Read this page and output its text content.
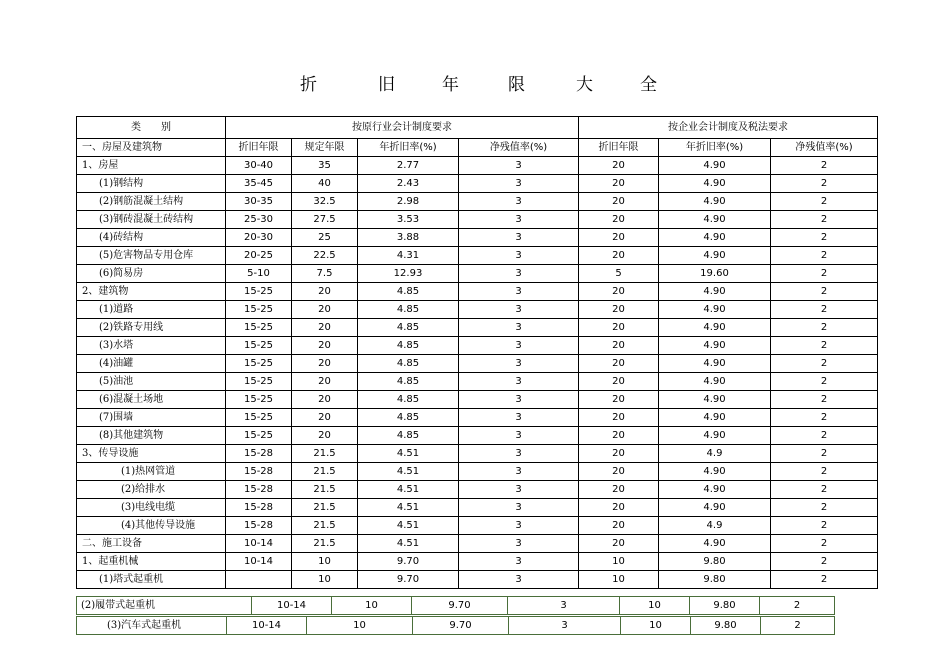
折	旧	年	限	大	全
类　　别	按原行业会计制度要求				按企业会计制度及税法要求		
一、房屋及建筑物	折旧年限	规定年限	年折旧率(%)	净残值率(%)	折旧年限	年折旧率(%)	净残值率(%)
1、房屋	30-40	35	2.77	3	20	4.90	2
(1)钢结构	35-45	40	2.43	3	20	4.90	2
(2)钢筋混凝土结构	30-35	32.5	2.98	3	20	4.90	2
(3)钢砖混凝土砖结构	25-30	27.5	3.53	3	20	4.90	2
(4)砖结构	20-30	25	3.88	3	20	4.90	2
(5)危害物品专用仓库	20-25	22.5	4.31	3	20	4.90	2
(6)简易房	5-10	7.5	12.93	3	5	19.60	2
2、建筑物	15-25	20	4.85	3	20	4.90	2
(1)道路	15-25	20	4.85	3	20	4.90	2
(2)铁路专用线	15-25	20	4.85	3	20	4.90	2
(3)水塔	15-25	20	4.85	3	20	4.90	2
(4)油罐	15-25	20	4.85	3	20	4.90	2
(5)油池	15-25	20	4.85	3	20	4.90	2
(6)混凝土场地	15-25	20	4.85	3	20	4.90	2
(7)围墙	15-25	20	4.85	3	20	4.90	2
(8)其他建筑物	15-25	20	4.85	3	20	4.90	2
3、传导设施	15-28	21.5	4.51	3	20	4.9	2
(1)热网管道	15-28	21.5	4.51	3	20	4.90	2
(2)给排水	15-28	21.5	4.51	3	20	4.90	2
(3)电线电缆	15-28	21.5	4.51	3	20	4.90	2
(4)其他传导设施	15-28	21.5	4.51	3	20	4.9	2
二、施工设备	10-14	21.5	4.51	3	20	4.90	2
1、起重机械	10-14	10	9.70	3	10	9.80	2
(1)塔式起重机		10	9.70	3	10	9.80	2
(2)履带式起重机	10-14	10	9.70	3	10	9.80	2
(3)汽车式起重机	10-14	10	9.70	3	10	9.80	2
